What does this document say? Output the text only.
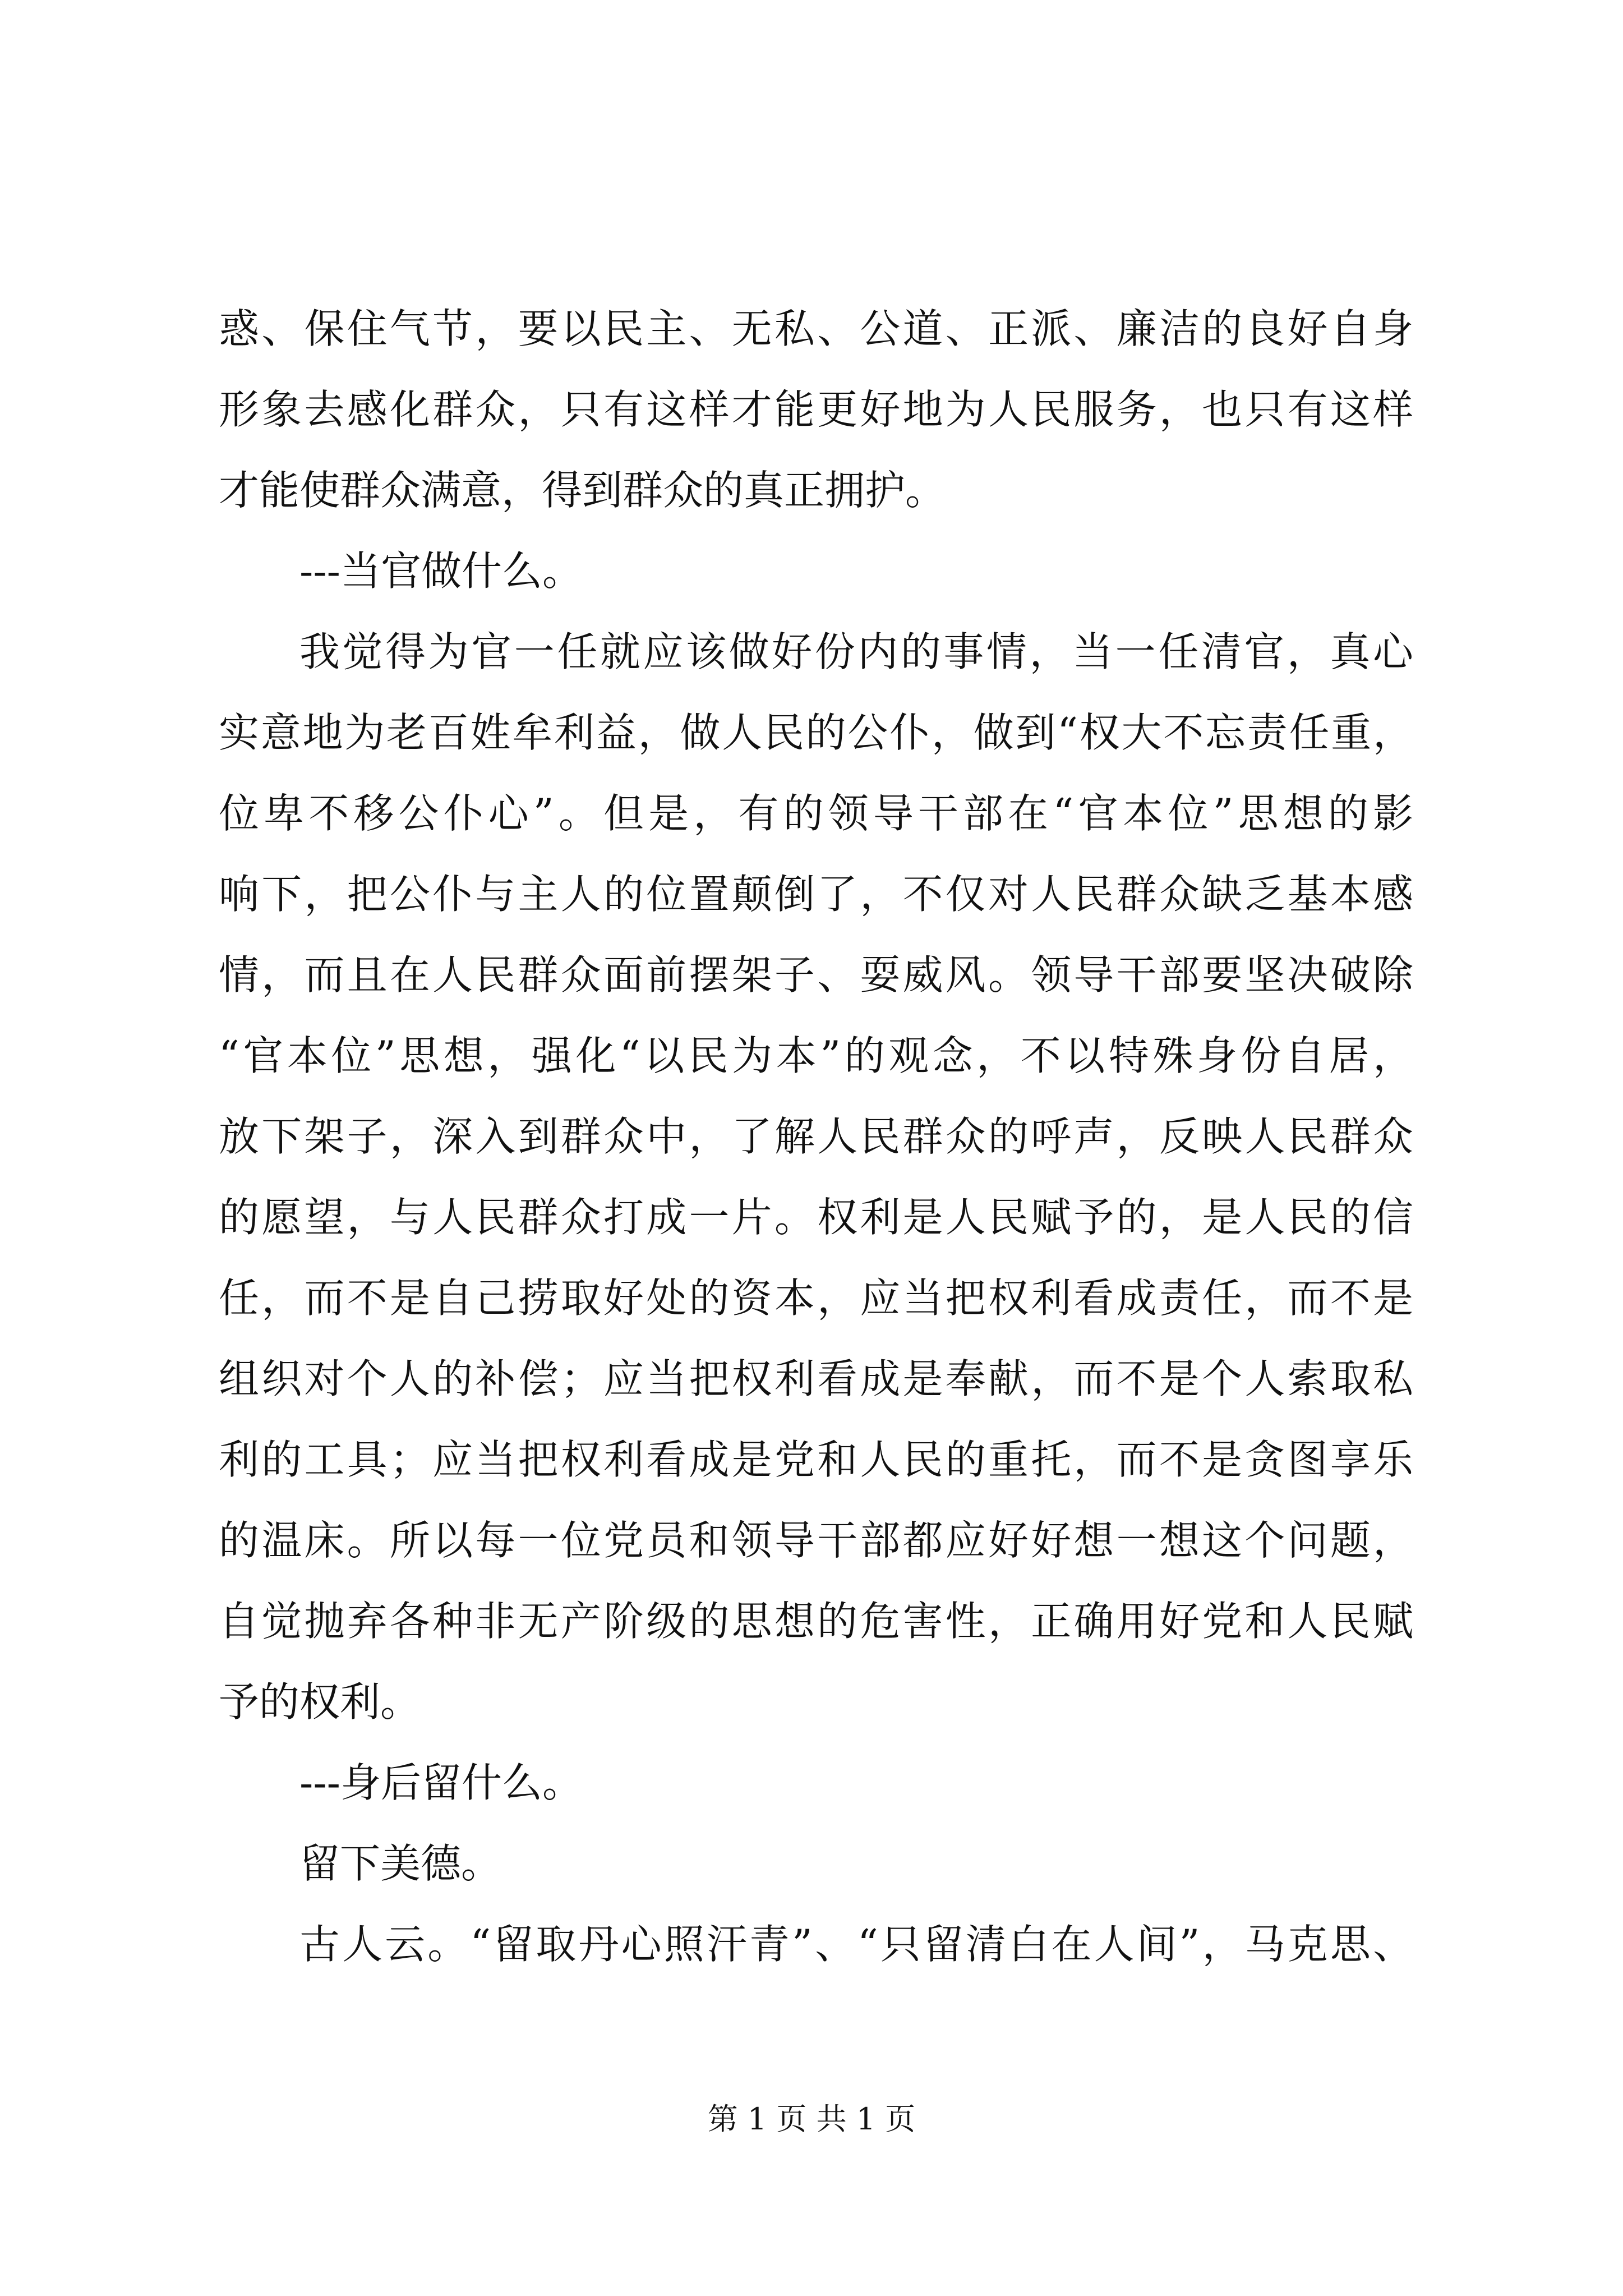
惑、保住气节，要以民主、无私、公道、正派、廉洁的良好自身
形象去感化群众，只有这样才能更好地为人民服务，也只有这样
才能使群众满意，得到群众的真正拥护。
---当官做什么。
我觉得为官一任就应该做好份内的事情，当一任清官，真心
实意地为老百姓牟利益，做人民的公仆，做到“权大不忘责任重，
位卑不移公仆心”。但是，有的领导干部在“官本位”思想的影
响下，把公仆与主人的位置颠倒了，不仅对人民群众缺乏基本感
情，而且在人民群众面前摆架子、耍威风。领导干部要坚决破除
“官本位”思想，强化“以民为本”的观念，不以特殊身份自居，
放下架子，深入到群众中，了解人民群众的呼声，反映人民群众
的愿望，与人民群众打成一片。权利是人民赋予的，是人民的信
任，而不是自己捞取好处的资本，应当把权利看成责任，而不是
组织对个人的补偿；应当把权利看成是奉献，而不是个人索取私
利的工具；应当把权利看成是党和人民的重托，而不是贪图享乐
的温床。所以每一位党员和领导干部都应好好想一想这个问题，
自觉抛弃各种非无产阶级的思想的危害性，正确用好党和人民赋
予的权利。
---身后留什么。
留下美德。
古人云。“留取丹心照汗青”、“只留清白在人间”，马克思、
第 1 页 共 1 页
